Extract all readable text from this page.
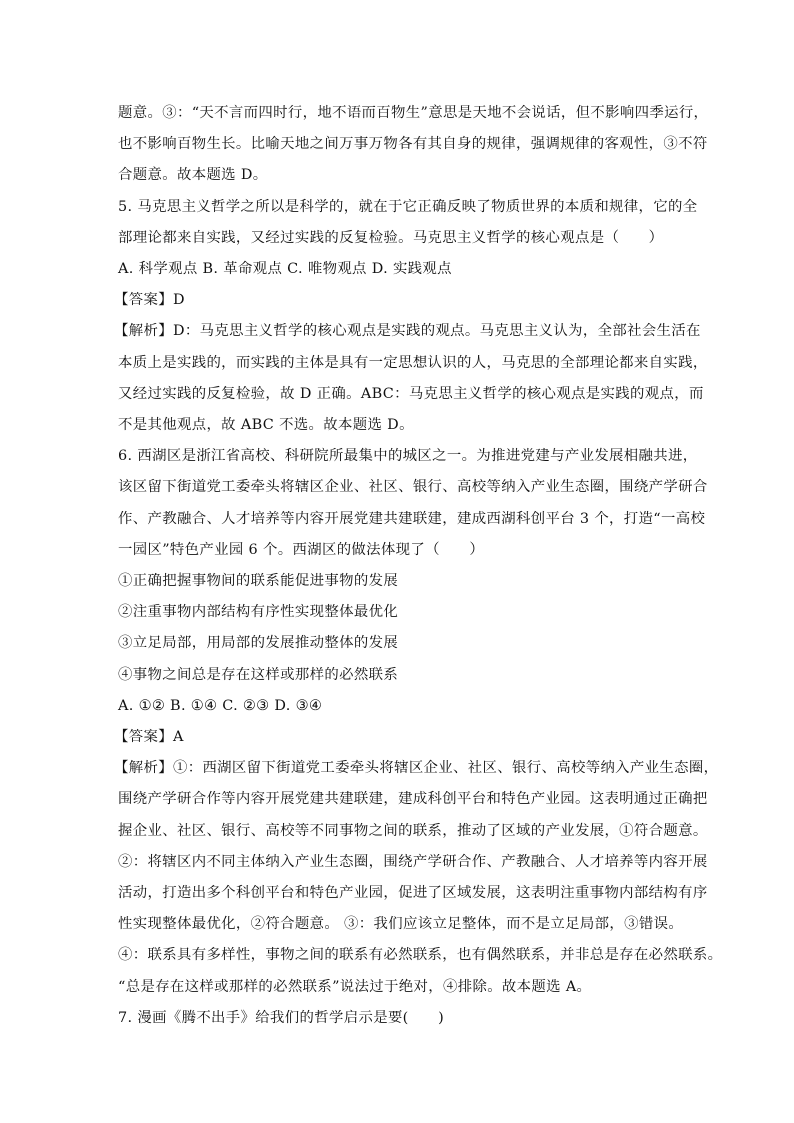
题意。③：“天不言而四时行，地不语而百物生”意思是天地不会说话，但不影响四季运行，
也不影响百物生长。比喻天地之间万事万物各有其自身的规律，强调规律的客观性，③不符
合题意。故本题选 D。
5. 马克思主义哲学之所以是科学的，就在于它正确反映了物质世界的本质和规律，它的全
部理论都来自实践，又经过实践的反复检验。马克思主义哲学的核心观点是（　　）
A. 科学观点 B. 革命观点 C. 唯物观点 D. 实践观点
【答案】D
【解析】D：马克思主义哲学的核心观点是实践的观点。马克思主义认为，全部社会生活在
本质上是实践的，而实践的主体是具有一定思想认识的人，马克思的全部理论都来自实践，
又经过实践的反复检验，故 D 正确。ABC：马克思主义哲学的核心观点是实践的观点，而
不是其他观点，故 ABC 不选。故本题选 D。
6. 西湖区是浙江省高校、科研院所最集中的城区之一。为推进党建与产业发展相融共进，
该区留下街道党工委牵头将辖区企业、社区、银行、高校等纳入产业生态圈，围绕产学研合
作、产教融合、人才培养等内容开展党建共建联建，建成西湖科创平台 3 个，打造“一高校
一园区”特色产业园 6 个。西湖区的做法体现了（　　）
①正确把握事物间的联系能促进事物的发展
②注重事物内部结构有序性实现整体最优化
③立足局部，用局部的发展推动整体的发展
④事物之间总是存在这样或那样的必然联系
A. ①② B. ①④ C. ②③ D. ③④
【答案】A
【解析】①：西湖区留下街道党工委牵头将辖区企业、社区、银行、高校等纳入产业生态圈，
围绕产学研合作等内容开展党建共建联建，建成科创平台和特色产业园。这表明通过正确把
握企业、社区、银行、高校等不同事物之间的联系，推动了区域的产业发展，①符合题意。
②：将辖区内不同主体纳入产业生态圈，围绕产学研合作、产教融合、人才培养等内容开展
活动，打造出多个科创平台和特色产业园，促进了区域发展，这表明注重事物内部结构有序
性实现整体最优化，②符合题意。 ③：我们应该立足整体，而不是立足局部，③错误。
④：联系具有多样性，事物之间的联系有必然联系，也有偶然联系，并非总是存在必然联系。
“总是存在这样或那样的必然联系”说法过于绝对，④排除。故本题选 A。
7. 漫画《腾不出手》给我们的哲学启示是要(　　)
